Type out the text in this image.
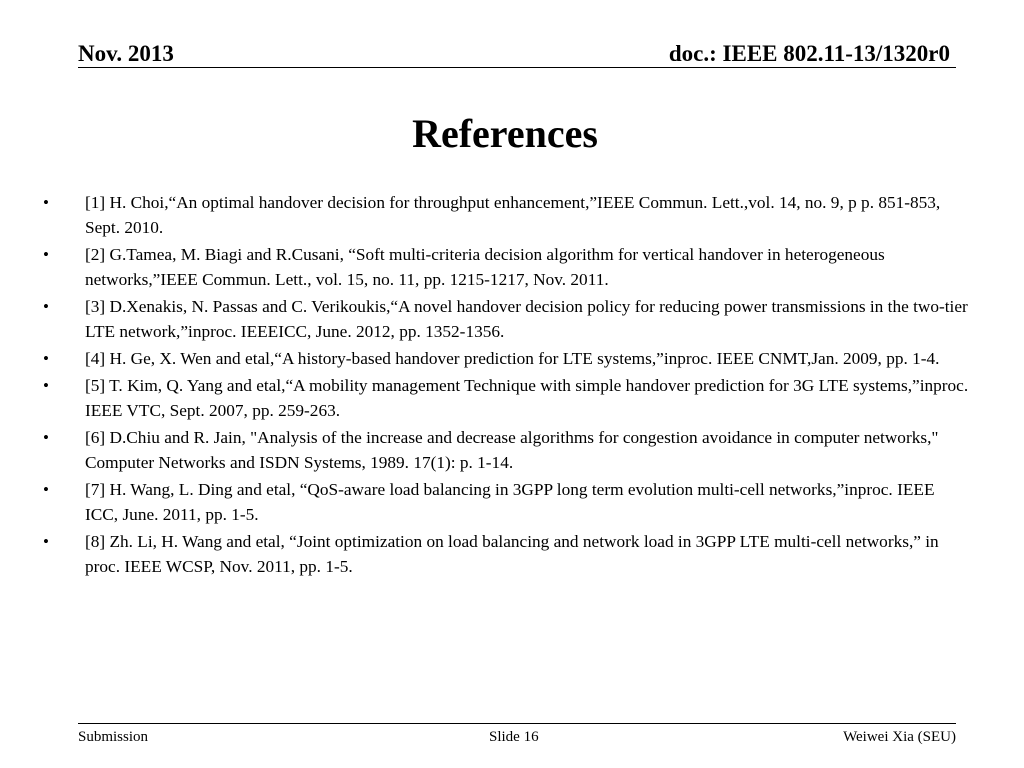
Nov. 2013	doc.: IEEE 802.11-13/1320r0
References
• [1] H. Choi,“An optimal handover decision for throughput enhancement,”IEEE Commun. Lett.,vol. 14, no. 9, p p. 851-853, Sept. 2010.
• [2] G.Tamea, M. Biagi and R.Cusani, “Soft multi-criteria decision algorithm for vertical handover in heterogeneous networks,”IEEE Commun. Lett., vol. 15, no. 11, pp. 1215-1217, Nov. 2011.
• [3] D.Xenakis, N. Passas and C. Verikoukis,“A novel handover decision policy for reducing power transmissions in the two-tier LTE network,”inproc. IEEEICC, June. 2012, pp. 1352-1356.
• [4] H. Ge, X. Wen and etal,“A history-based handover prediction for LTE systems,”inproc. IEEE CNMT,Jan. 2009, pp. 1-4.
• [5] T. Kim, Q. Yang and etal,“A mobility management Technique with simple handover prediction for 3G LTE systems,”inproc. IEEE VTC, Sept. 2007, pp. 259-263.
• [6] D.Chiu and R. Jain, "Analysis of the increase and decrease algorithms for congestion avoidance in computer networks," Computer Networks and ISDN Systems, 1989. 17(1): p. 1-14.
• [7] H. Wang, L. Ding and etal, “QoS-aware load balancing in 3GPP long term evolution multi-cell networks,”inproc. IEEE ICC, June. 2011, pp. 1-5.
• [8] Zh. Li, H. Wang and etal, “Joint optimization on load balancing and network load in 3GPP LTE multi-cell networks,” in proc. IEEE WCSP, Nov. 2011, pp. 1-5.
Submission	Slide 16	Weiwei Xia (SEU)
